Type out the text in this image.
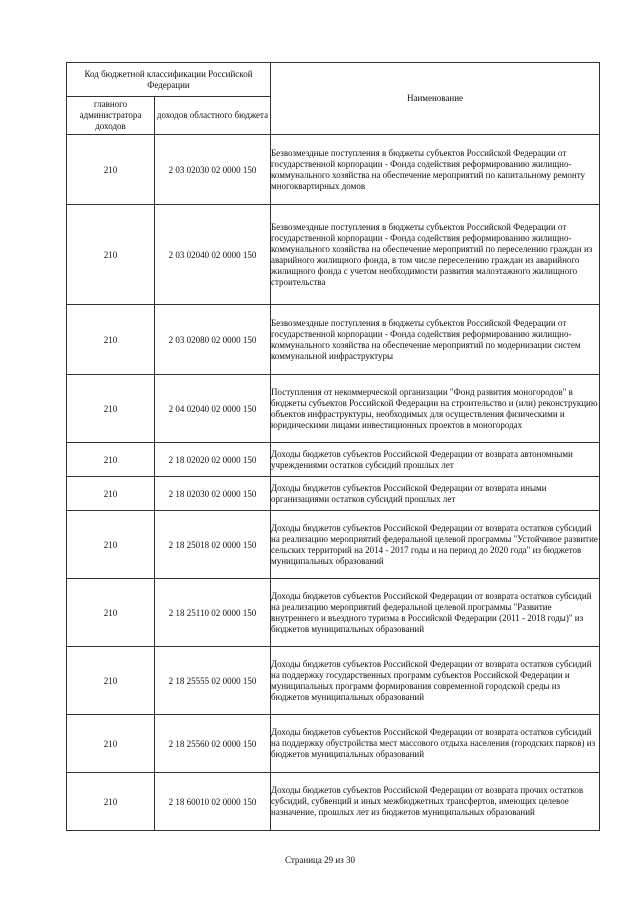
Код бюджетной классификации Российской Федерации		Наименование
главного администратора доходов	доходов областного бюджета	
210	2 03 02030 02 0000 150	Безвозмездные поступления в бюджеты субъектов Российской Федерации от государственной корпорации - Фонда содействия реформированию жилищно-коммунального хозяйства на обеспечение мероприятий по капитальному ремонту многоквартирных домов
210	2 03 02040 02 0000 150	Безвозмездные поступления в бюджеты субъектов Российской Федерации от государственной корпорации - Фонда содействия реформированию жилищно-коммунального хозяйства на обеспечение мероприятий по переселению граждан из аварийного жилищного фонда, в том числе переселению граждан из аварийного жилищного фонда с учетом необходимости развития малоэтажного жилищного строительства
210	2 03 02080 02 0000 150	Безвозмездные поступления в бюджеты субъектов Российской Федерации от государственной корпорации - Фонда содействия реформированию жилищно-коммунального хозяйства на обеспечение мероприятий по модернизации систем коммунальной инфраструктуры
210	2 04 02040 02 0000 150	Поступления от некоммерческой организации "Фонд развития моногородов" в бюджеты субъектов Российской Федерации на строительство и (или) реконструкцию объектов инфраструктуры, необходимых для осуществления физическими и юридическими лицами инвестиционных проектов в моногородах
210	2 18 02020 02 0000 150	Доходы бюджетов субъектов Российской Федерации от возврата автономными учреждениями остатков субсидий прошлых лет
210	2 18 02030 02 0000 150	Доходы бюджетов субъектов Российской Федерации от возврата иными организациями остатков субсидий прошлых лет
210	2 18 25018 02 0000 150	Доходы бюджетов субъектов Российской Федерации от возврата остатков субсидий на реализацию мероприятий федеральной целевой программы "Устойчивое развитие сельских территорий на 2014 - 2017 годы и на период до 2020 года" из бюджетов муниципальных образований
210	2 18 25110 02 0000 150	Доходы бюджетов субъектов Российской Федерации от возврата остатков субсидий на реализацию мероприятий федеральной целевой программы "Развитие внутреннего и въездного туризма в Российской Федерации (2011 - 2018 годы)" из бюджетов муниципальных образований
210	2 18 25555 02 0000 150	Доходы бюджетов субъектов Российской Федерации от возврата остатков субсидий на поддержку государственных программ субъектов Российской Федерации и муниципальных программ формирования современной городской среды из бюджетов муниципальных образований
210	2 18 25560 02 0000 150	Доходы бюджетов субъектов Российской Федерации от возврата остатков субсидий на поддержку обустройства мест массового отдыха населения (городских парков) из бюджетов муниципальных образований
210	2 18 60010 02 0000 150	Доходы бюджетов субъектов Российской Федерации от возврата прочих остатков субсидий, субвенций и иных межбюджетных трансфертов, имеющих целевое назначение, прошлых лет из бюджетов муниципальных образований
Страница 29 из 30
